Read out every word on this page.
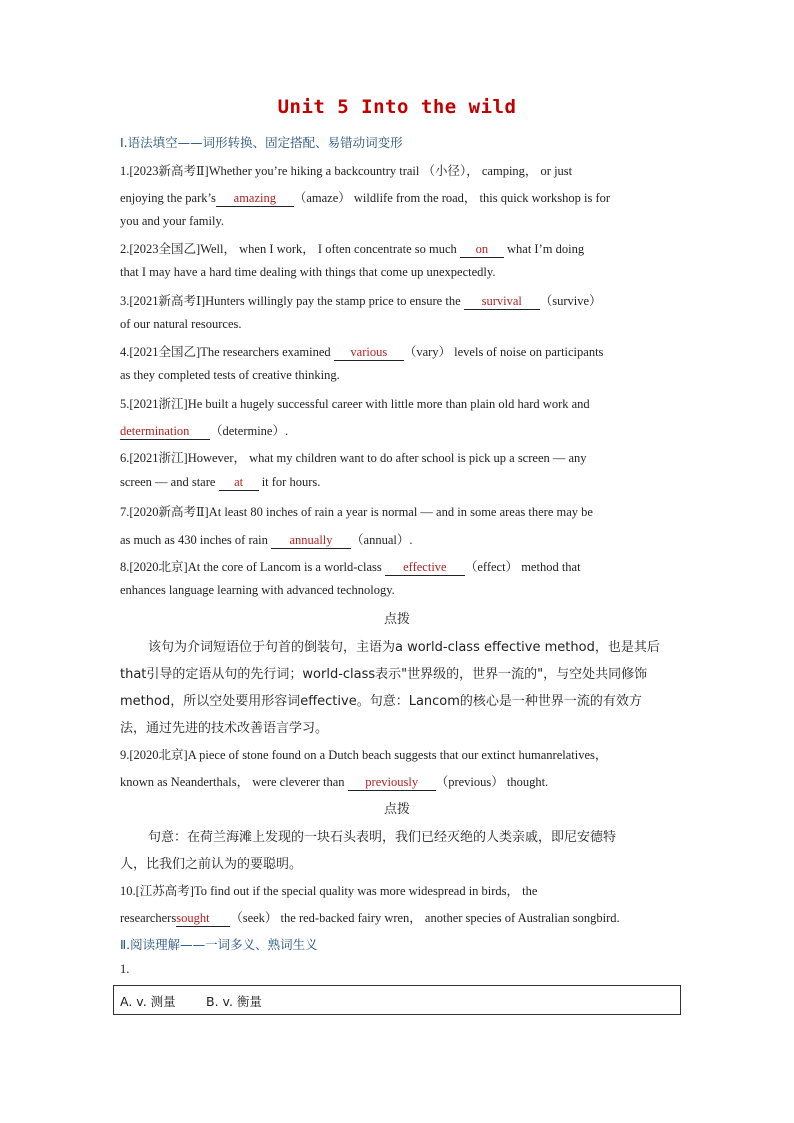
Unit 5 Into the wild
Ⅰ.语法填空——词形转换、固定搭配、易错动词变形
1.[2023新高考Ⅱ]Whether you’re hiking a backcountry trail （小径）， camping， or just
enjoying the park’s amazing （amaze） wildlife from the road， this quick workshop is for
you and your family.
2.[2023全国乙]Well， when I work， I often concentrate so much on what I’m doing
that I may have a hard time dealing with things that come up unexpectedly.
3.[2021新高考Ⅰ]Hunters willingly pay the stamp price to ensure the survival （survive）
of our natural resources.
4.[2021全国乙]The researchers examined various （vary） levels of noise on participants
as they completed tests of creative thinking.
5.[2021浙江]He built a hugely successful career with little more than plain old hard work and
determination （determine）.
6.[2021浙江]However， what my children want to do after school is pick up a screen — any
screen — and stare at it for hours.
7.[2020新高考Ⅱ]At least 80 inches of rain a year is normal — and in some areas there may be
as much as 430 inches of rain annually （annual）.
8.[2020北京]At the core of Lancom is a world-class effective （effect） method that
enhances language learning with advanced technology.
点拨
该句为介词短语位于句首的倒装句，主语为a world-class effective method，也是其后
that引导的定语从句的先行词；world-class表示"世界级的，世界一流的"，与空处共同修饰
method，所以空处要用形容词effective。句意：Lancom的核心是一种世界一流的有效方
法，通过先进的技术改善语言学习。
9.[2020北京]A piece of stone found on a Dutch beach suggests that our extinct humanrelatives，
known as Neanderthals， were cleverer than previously （previous） thought.
点拨
句意：在荷兰海滩上发现的一块石头表明，我们已经灭绝的人类亲戚，即尼安德特
人，比我们之前认为的要聪明。
10.[江苏高考]To find out if the special quality was more widespread in birds， the
researcherssought （seek） the red-backed fairy wren， another species of Australian songbird.
Ⅱ.阅读理解——一词多义、熟词生义
1.
A. v. 测量 B. v. 衡量
